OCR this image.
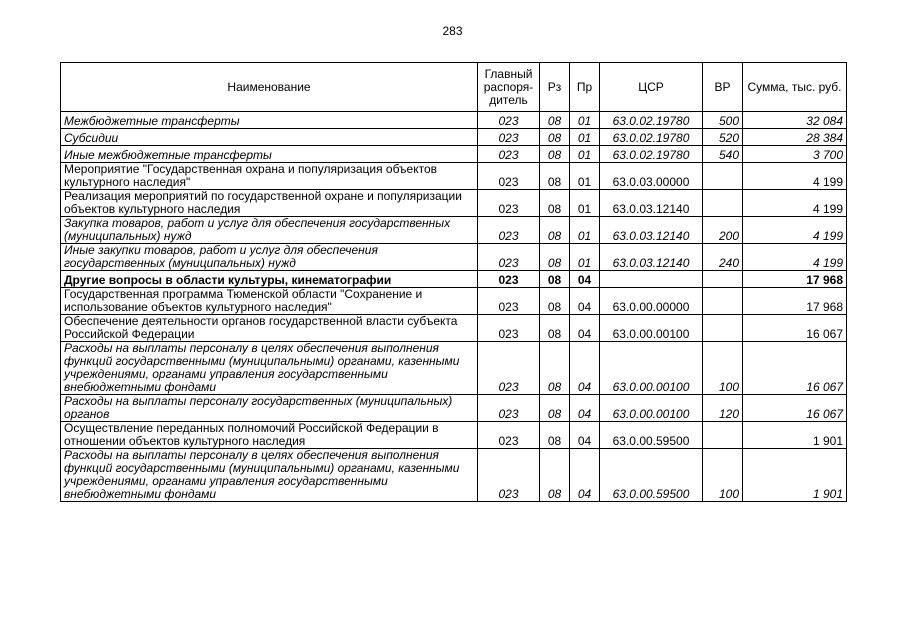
283
Наименование	Главный распоря-дитель	Рз	Пр	ЦСР	ВР	Сумма, тыс. руб.
Межбюджетные трансферты	023	08	01	63.0.02.19780	500	32 084
Субсидии	023	08	01	63.0.02.19780	520	28 384
Иные межбюджетные трансферты	023	08	01	63.0.02.19780	540	3 700
Мероприятие "Государственная охрана и популяризация объектов культурного наследия"	023	08	01	63.0.03.00000		4 199
Реализация мероприятий по государственной охране и популяризации объектов культурного наследия	023	08	01	63.0.03.12140		4 199
Закупка товаров, работ и услуг для обеспечения государственных (муниципальных) нужд	023	08	01	63.0.03.12140	200	4 199
Иные закупки товаров, работ и услуг для обеспечения государственных (муниципальных) нужд	023	08	01	63.0.03.12140	240	4 199
Другие вопросы в области культуры, кинематографии	023	08	04			17 968
Государственная программа Тюменской области "Сохранение и использование объектов культурного наследия"	023	08	04	63.0.00.00000		17 968
Обеспечение деятельности органов государственной власти субъекта Российской Федерации	023	08	04	63.0.00.00100		16 067
Расходы на выплаты персоналу в целях обеспечения выполнения функций государственными (муниципальными) органами, казенными учреждениями, органами управления государственными внебюджетными фондами	023	08	04	63.0.00.00100	100	16 067
Расходы на выплаты персоналу государственных (муниципальных) органов	023	08	04	63.0.00.00100	120	16 067
Осуществление переданных полномочий Российской Федерации в отношении объектов культурного наследия	023	08	04	63.0.00.59500		1 901
Расходы на выплаты персоналу в целях обеспечения выполнения функций государственными (муниципальными) органами, казенными учреждениями, органами управления государственными внебюджетными фондами	023	08	04	63.0.00.59500	100	1 901
